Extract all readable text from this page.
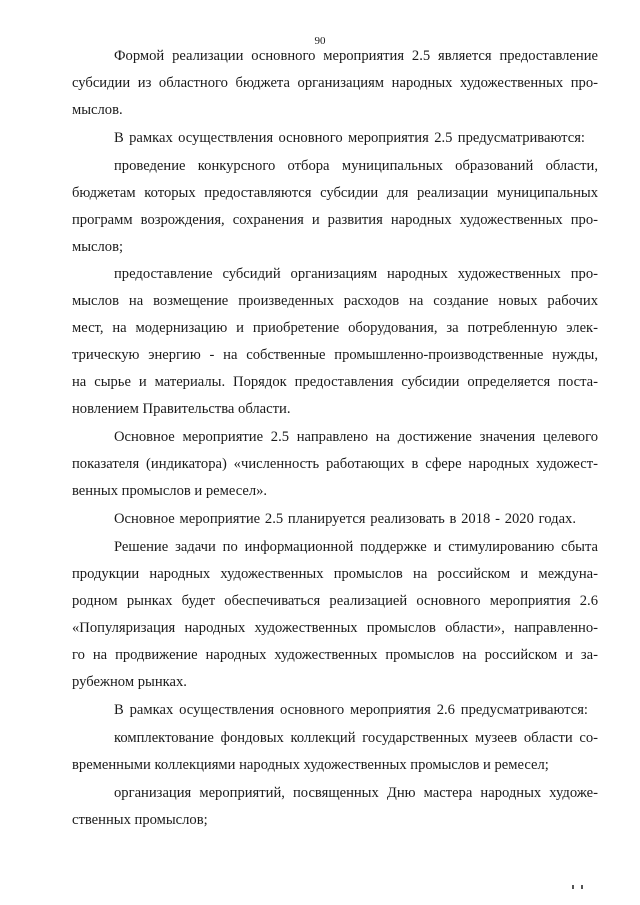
90
Формой реализации основного мероприятия 2.5 является предоставление
субсидии из областного бюджета организациям народных художественных про-
мыслов.
В рамках осуществления основного мероприятия 2.5 предусматриваются:
проведение конкурсного отбора муниципальных образований области,
бюджетам которых предоставляются субсидии для реализации муниципальных
программ возрождения, сохранения и развития народных художественных про-
мыслов;
предоставление субсидий организациям народных художественных про-
мыслов на возмещение произведенных расходов на создание новых рабочих
мест, на модернизацию и приобретение оборудования, за потребленную элек-
трическую энергию - на собственные промышленно-производственные нужды,
на сырье и материалы. Порядок предоставления субсидии определяется поста-
новлением Правительства области.
Основное мероприятие 2.5 направлено на достижение значения целевого
показателя (индикатора) «численность работающих в сфере народных художест-
венных промыслов и ремесел».
Основное мероприятие 2.5 планируется реализовать в 2018 - 2020 годах.
Решение задачи по информационной поддержке и стимулированию сбыта
продукции народных художественных промыслов на российском и междуна-
родном рынках будет обеспечиваться реализацией основного мероприятия 2.6
«Популяризация народных художественных промыслов области», направленно-
го на продвижение народных художественных промыслов на российском и за-
рубежном рынках.
В рамках осуществления основного мероприятия 2.6 предусматриваются:
комплектование фондовых коллекций государственных музеев области со-
временными коллекциями народных художественных промыслов и ремесел;
организация мероприятий, посвященных Дню мастера народных художе-
ственных промыслов;
